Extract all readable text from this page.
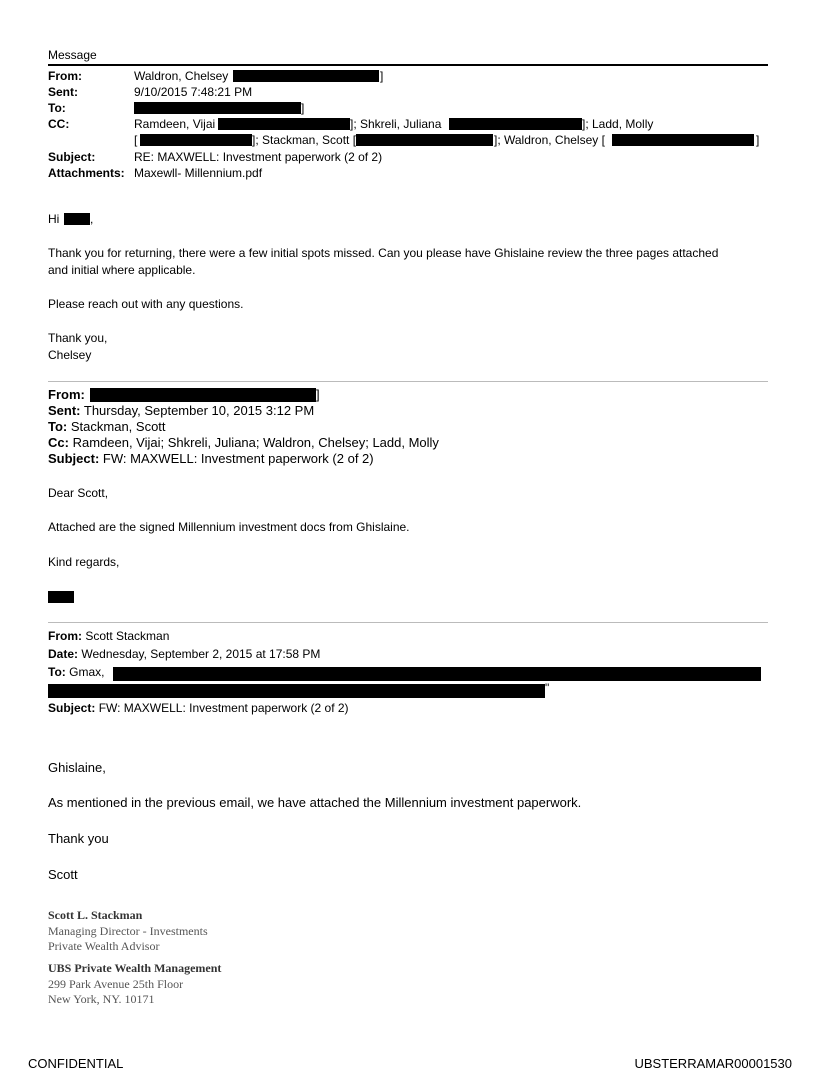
Message
From:	Waldron, Chelsey	]
Sent:	9/10/2015 7:48:21 PM
To:	]
CC:	Ramdeen, Vijai	]; Shkreli, Juliana	]; Ladd, Molly
[	]; Stackman, Scott [	]; Waldron, Chelsey [	]
Subject:	RE: MAXWELL: Investment paperwork (2 of 2)
Attachments: Maxewll- Millennium.pdf
Hi	,
Thank you for returning, there were a few initial spots missed. Can you please have Ghislaine review the three pages attached
and initial where applicable.
Please reach out with any questions.
Thank you,
Chelsey
From:	]
Sent: Thursday, September 10, 2015 3:12 PM
To: Stackman, Scott
Cc: Ramdeen, Vijai; Shkreli, Juliana; Waldron, Chelsey; Ladd, Molly
Subject: FW: MAXWELL: Investment paperwork (2 of 2)
Dear Scott,
Attached are the signed Millennium investment docs from Ghislaine.
Kind regards,
From: Scott Stackman
Date: Wednesday, September 2, 2015 at 17:58 PM
To: Gmax,
"
Subject: FW: MAXWELL: Investment paperwork (2 of 2)
Ghislaine,
As mentioned in the previous email, we have attached the Millennium investment paperwork.
Thank you
Scott
Scott L. Stackman
Managing Director - Investments
Private Wealth Advisor
UBS Private Wealth Management
299 Park Avenue 25th Floor
New York, NY. 10171
CONFIDENTIAL	UBSTERRAMAR00001530
